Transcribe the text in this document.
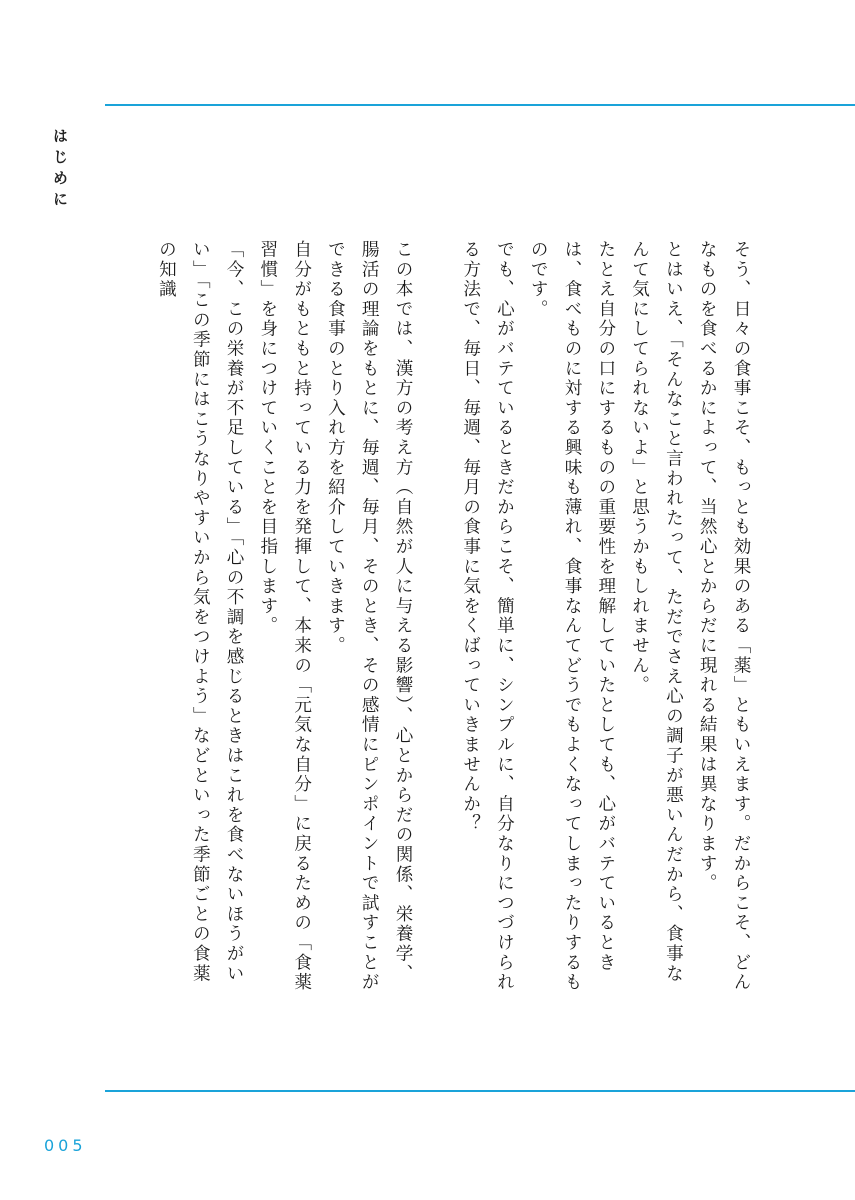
はじめに

そう、日々の食事こそ、もっとも効果のある「薬」ともいえます。だからこそ、どんなものを食べるかによって、当然心とからだに現れる結果は異なります。

とはいえ、「そんなこと言われたって、ただでさえ心の調子が悪いんだから、食事なんて気にしてられないよ」と思うかもしれません。

たとえ自分の口にするものの重要性を理解していたとしても、心がバテているときは、食べものに対する興味も薄れ、食事なんてどうでもよくなってしまったりするものです。

でも、心がバテているときだからこそ、簡単に、シンプルに、自分なりにつづけられる方法で、毎日、毎週、毎月の食事に気をくばっていきませんか？

この本では、漢方の考え方（自然が人に与える影響）、心とからだの関係、栄養学、腸活の理論をもとに、毎週、毎月、そのとき、その感情にピンポイントで試すことができる食事のとり入れ方を紹介していきます。

自分がもともと持っている力を発揮して、本来の「元気な自分」に戻るための「食薬習慣」を身につけていくことを目指します。

「今、この栄養が不足している」「心の不調を感じるときはこれを食べないほうがいい」「この季節にはこうなりやすいから気をつけよう」などといった季節ごとの食薬の知識

005
